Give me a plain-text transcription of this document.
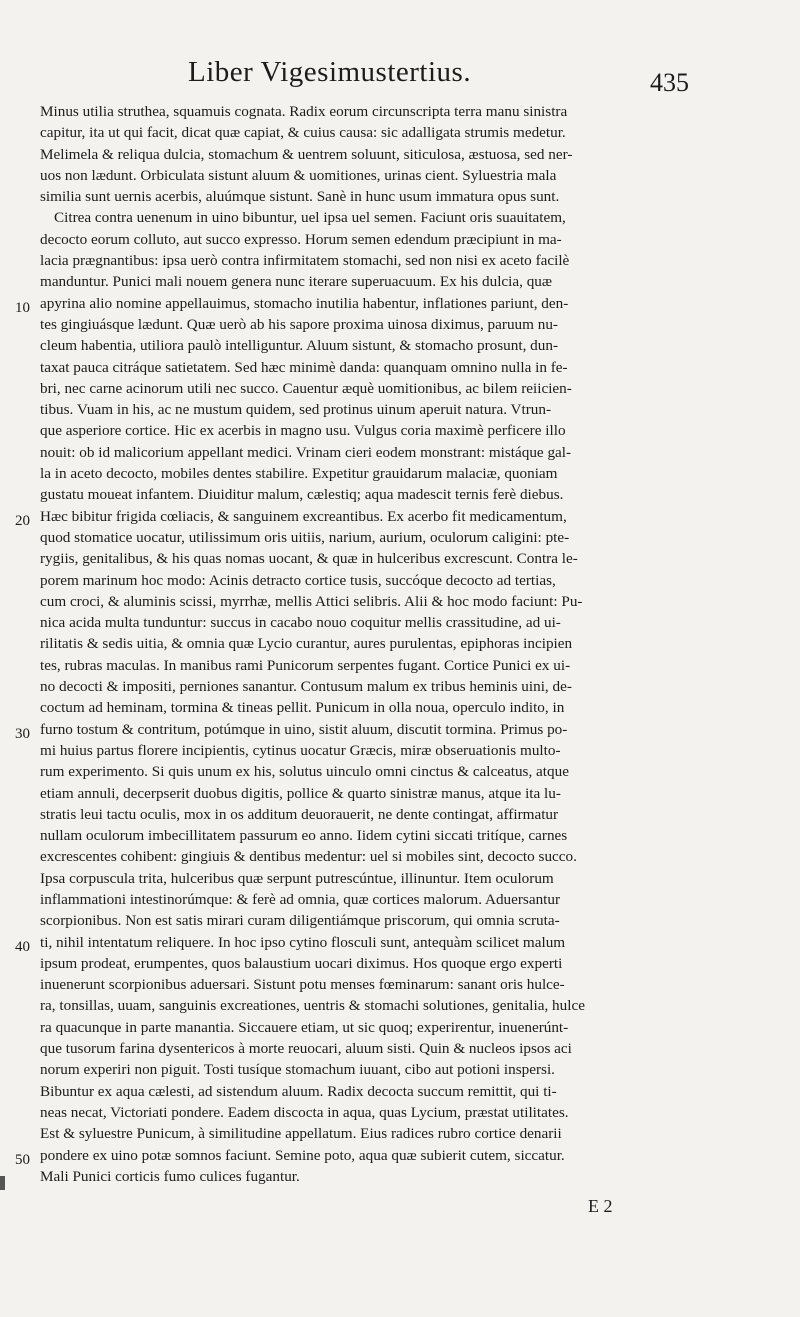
Liber Vigesimustertius.	435
10
20
30
40
50
Minus utilia struthea, squamuis cognata. Radix eorum circunscripta terra manu sinistra
capitur, ita ut qui facit, dicat quæ capiat, & cuius causa: sic adalligata strumis medetur.
Melimela & reliqua dulcia, stomachum & uentrem soluunt, siticulosa, æstuosa, sed ner-
uos non lædunt. Orbiculata sistunt aluum & uomitiones, urinas cient. Syluestria mala
similia sunt uernis acerbis, aluúmque sistunt. Sanè in hunc usum immatura opus sunt.
Citrea contra uenenum in uino bibuntur, uel ipsa uel semen. Faciunt oris suauitatem,
decocto eorum colluto, aut succo expresso. Horum semen edendum præcipiunt in ma-
lacia prægnantibus: ipsa uerò contra infirmitatem stomachi, sed non nisi ex aceto facilè
manduntur. Punici mali nouem genera nunc iterare superuacuum. Ex his dulcia, quæ
apyrina alio nomine appellauimus, stomacho inutilia habentur, inflationes pariunt, den-
tes gingiuásque lædunt. Quæ uerò ab his sapore proxima uinosa diximus, paruum nu-
cleum habentia, utiliora paulò intelliguntur. Aluum sistunt, & stomacho prosunt, dun-
taxat pauca citráque satietatem. Sed hæc minimè danda: quanquam omnino nulla in fe-
bri, nec carne acinorum utili nec succo. Cauentur æquè uomitionibus, ac bilem reiicien-
tibus. Vuam in his, ac ne mustum quidem, sed protinus uinum aperuit natura. Vtrun-
que asperiore cortice. Hic ex acerbis in magno usu. Vulgus coria maximè perficere illo
nouit: ob id malicorium appellant medici. Vrinam cieri eodem monstrant: mistáque gal-
la in aceto decocto, mobiles dentes stabilire. Expetitur grauidarum malaciæ, quoniam
gustatu moueat infantem. Diuiditur malum, cælestiq; aqua madescit ternis ferè diebus.
Hæc bibitur frigida cœliacis, & sanguinem excreantibus. Ex acerbo fit medicamentum,
quod stomatice uocatur, utilissimum oris uitiis, narium, aurium, oculorum caligini: pte-
rygiis, genitalibus, & his quas nomas uocant, & quæ in hulceribus excrescunt. Contra le-
porem marinum hoc modo: Acinis detracto cortice tusis, succóque decocto ad tertias,
cum croci, & aluminis scissi, myrrhæ, mellis Attici selibris. Alii & hoc modo faciunt: Pu-
nica acida multa tunduntur: succus in cacabo nouo coquitur mellis crassitudine, ad ui-
rilitatis & sedis uitia, & omnia quæ Lycio curantur, aures purulentas, epiphoras incipien
tes, rubras maculas. In manibus rami Punicorum serpentes fugant. Cortice Punici ex ui-
no decocti & impositi, perniones sanantur. Contusum malum ex tribus heminis uini, de-
coctum ad heminam, tormina & tineas pellit. Punicum in olla noua, operculo indito, in
furno tostum & contritum, potúmque in uino, sistit aluum, discutit tormina. Primus po-
mi huius partus florere incipientis, cytinus uocatur Græcis, miræ obseruationis multo-
rum experimento. Si quis unum ex his, solutus uinculo omni cinctus & calceatus, atque
etiam annuli, decerpserit duobus digitis, pollice & quarto sinistræ manus, atque ita lu-
stratis leui tactu oculis, mox in os additum deuorauerit, ne dente contingat, affirmatur
nullam oculorum imbecillitatem passurum eo anno. Iidem cytini siccati tritíque, carnes
excrescentes cohibent: gingiuis & dentibus medentur: uel si mobiles sint, decocto succo.
Ipsa corpuscula trita, hulceribus quæ serpunt putrescúntue, illinuntur. Item oculorum
inflammationi intestinorúmque: & ferè ad omnia, quæ cortices malorum. Aduersantur
scorpionibus. Non est satis mirari curam diligentiámque priscorum, qui omnia scruta-
ti, nihil intentatum reliquere. In hoc ipso cytino flosculi sunt, antequàm scilicet malum
ipsum prodeat, erumpentes, quos balaustium uocari diximus. Hos quoque ergo experti
inuenerunt scorpionibus aduersari. Sistunt potu menses fœminarum: sanant oris hulce-
ra, tonsillas, uuam, sanguinis excreationes, uentris & stomachi solutiones, genitalia, hulce
ra quacunque in parte manantia. Siccauere etiam, ut sic quoq; experirentur, inuenerúnt-
que tusorum farina dysentericos à morte reuocari, aluum sisti. Quin & nucleos ipsos aci
norum experiri non piguit. Tosti tusíque stomachum iuuant, cibo aut potioni inspersi.
Bibuntur ex aqua cælesti, ad sistendum aluum. Radix decocta succum remittit, qui ti-
neas necat, Victoriati pondere. Eadem discocta in aqua, quas Lycium, præstat utilitates.
Est & syluestre Punicum, à similitudine appellatum. Eius radices rubro cortice denarii
pondere ex uino potæ somnos faciunt. Semine poto, aqua quæ subierit cutem, siccatur.
Mali Punici corticis fumo culices fugantur.
E 2
